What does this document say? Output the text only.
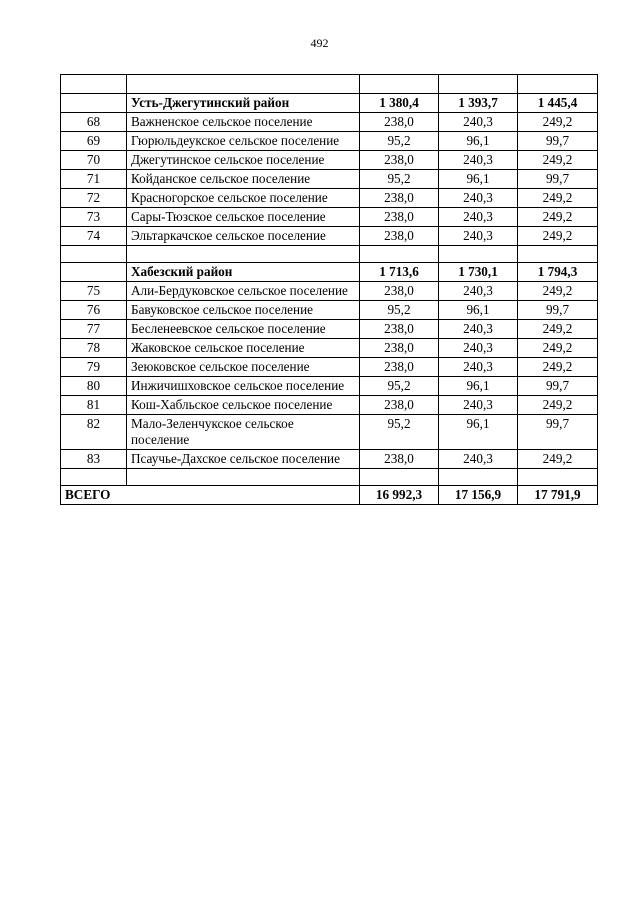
492

	Усть-Джегутинский район	1 380,4	1 393,7	1 445,4
68	Важненское сельское поселение	238,0	240,3	249,2
69	Гюрюльдеукское сельское поселение	95,2	96,1	99,7
70	Джегутинское сельское поселение	238,0	240,3	249,2
71	Койданское сельское поселение	95,2	96,1	99,7
72	Красногорское сельское поселение	238,0	240,3	249,2
73	Сары-Тюзское сельское поселение	238,0	240,3	249,2
74	Эльтаркачское сельское поселение	238,0	240,3	249,2

	Хабезский район	1 713,6	1 730,1	1 794,3
75	Али-Бердуковское сельское поселение	238,0	240,3	249,2
76	Бавуковское сельское поселение	95,2	96,1	99,7
77	Бесленеевское сельское поселение	238,0	240,3	249,2
78	Жаковское сельское поселение	238,0	240,3	249,2
79	Зеюковское сельское поселение	238,0	240,3	249,2
80	Инжичишховское сельское поселение	95,2	96,1	99,7
81	Кош-Хабльское сельское поселение	238,0	240,3	249,2
82	Мало-Зеленчукское сельское поселение	95,2	96,1	99,7
83	Псаучье-Дахское сельское поселение	238,0	240,3	249,2

ВСЕГО		16 992,3	17 156,9	17 791,9
